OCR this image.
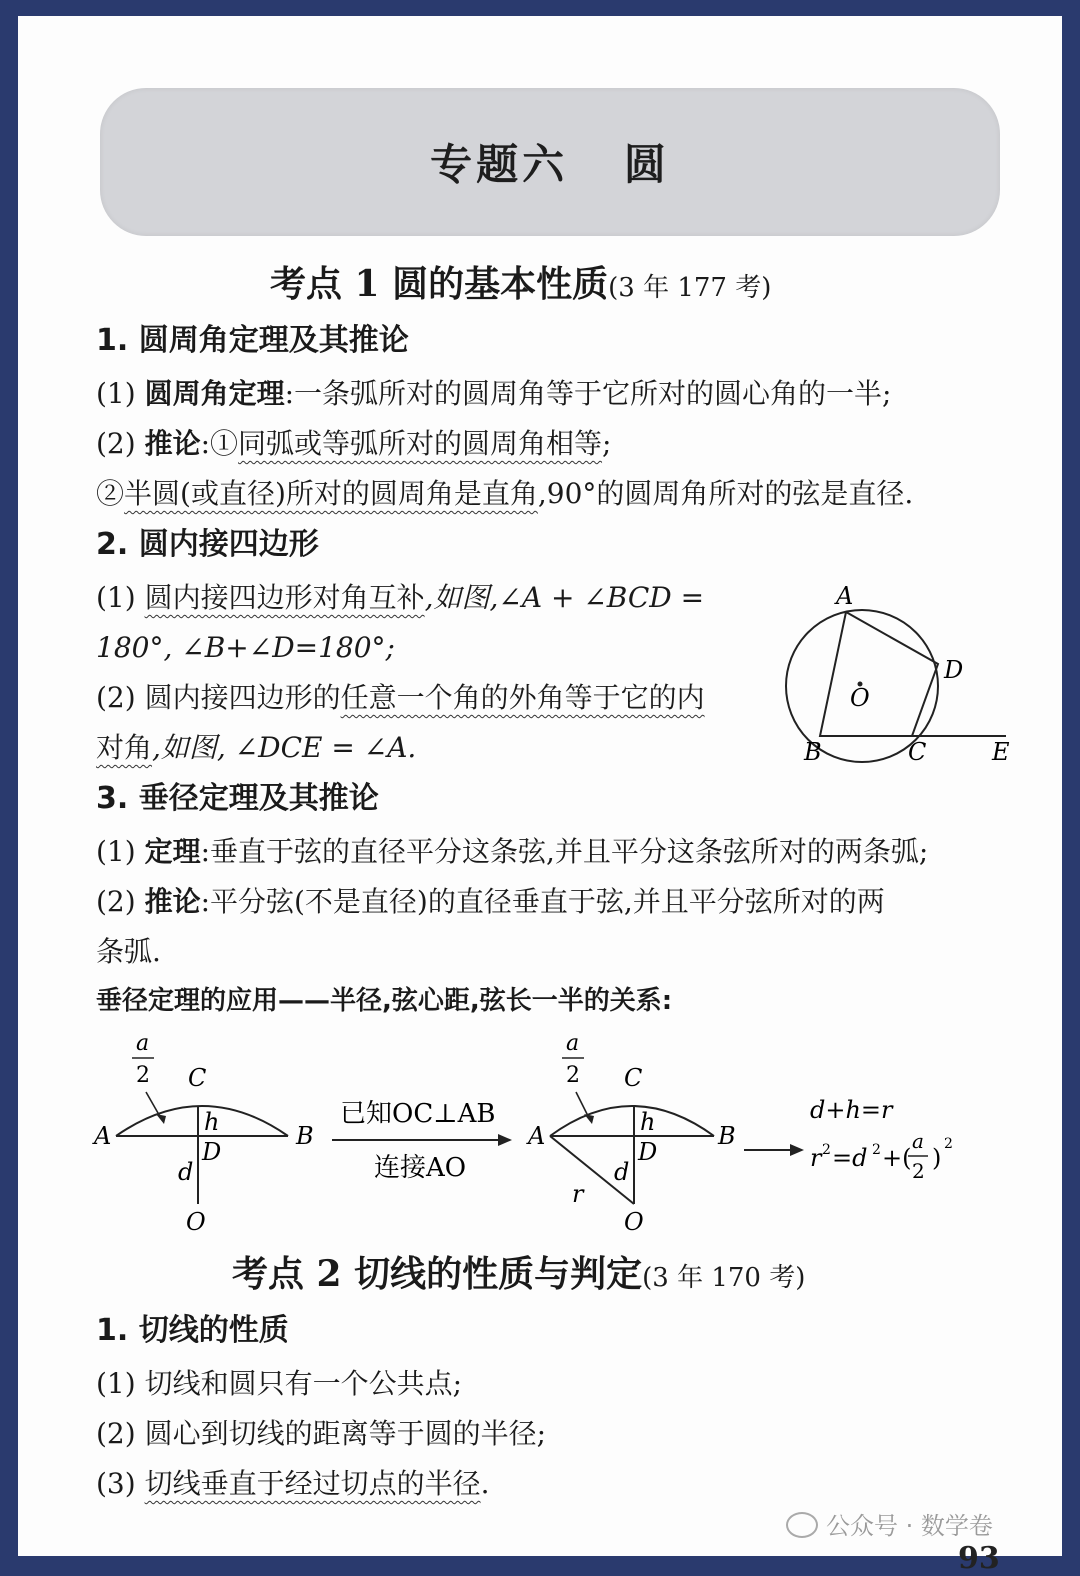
专题六   圆
考点 1 圆的基本性质(3 年 177 考)
1. 圆周角定理及其推论
(1) 圆周角定理:一条弧所对的圆周角等于它所对的圆心角的一半;
(2) 推论:①同弧或等弧所对的圆周角相等;
②半圆(或直径)所对的圆周角是直角,90°的圆周角所对的弦是直径.
2. 圆内接四边形
(1) 圆内接四边形对角互补,如图,∠A + ∠BCD =
180°, ∠B+∠D=180°;
(2) 圆内接四边形的任意一个角的外角等于它的内
对角,如图, ∠DCE = ∠A.
A
D
O
B	C	E
3. 垂径定理及其推论
(1) 定理:垂直于弦的直径平分这条弦,并且平分这条弦所对的两条弧;
(2) 推论:平分弦(不是直径)的直径垂直于弦,并且平分弦所对的两
条弧.
垂径定理的应用——半径,弦心距,弦长一半的关系:
a
2 C
A	B
h
D
d
O
已知OC⊥AB
连接AO
a
2 C
A	B
h
D
d
r
O
d+h=r
r 2 =d 2 +(
a
2 ) 2
考点 2 切线的性质与判定(3 年 170 考)
1. 切线的性质
(1) 切线和圆只有一个公共点;
(2) 圆心到切线的距离等于圆的半径;
(3) 切线垂直于经过切点的半径.
公众号 · 数学卷
93
